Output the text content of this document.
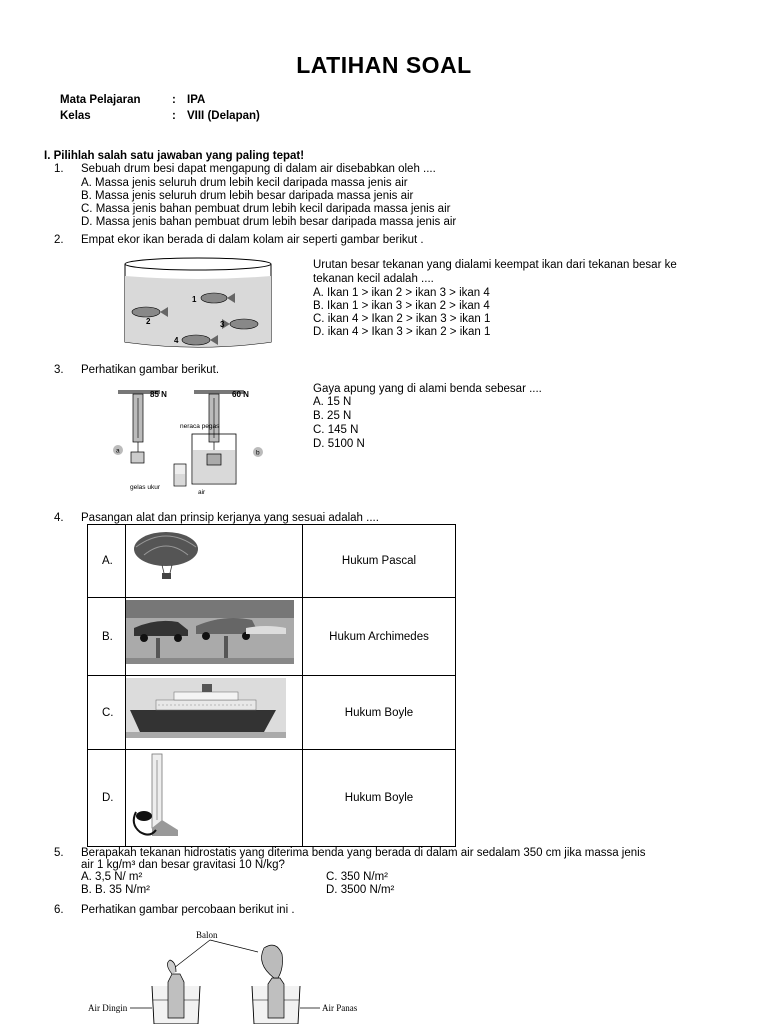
LATIHAN SOAL
Mata Pelajaran	: IPA
Kelas	: VIII (Delapan)
I. Pilihlah salah satu jawaban yang paling tepat!
1. Sebuah drum besi dapat mengapung di dalam air disebabkan oleh ....
A. Massa jenis seluruh drum lebih kecil daripada massa jenis air
B. Massa jenis seluruh drum lebih besar daripada massa jenis air
C. Massa jenis bahan pembuat drum lebih kecil daripada massa jenis air
D. Massa jenis bahan pembuat drum lebih besar daripada massa jenis air
2. Empat ekor ikan berada di dalam kolam air seperti gambar berikut .
1
2	3
4
Urutan besar tekanan yang dialami keempat ikan dari tekanan besar ke
tekanan kecil adalah ....
A. Ikan 1 > ikan 2 > ikan 3 > ikan 4
B. Ikan 1 > ikan 3 > ikan 2 > ikan 4
C. ikan 4 > Ikan 2 > ikan 3 > ikan 1
D. ikan 4 > Ikan 3 > ikan 2 > ikan 1
3. Perhatikan gambar berikut.
85 N	60 N
neraca pegas
a	b
gelas ukur
air
Gaya apung yang di alami benda sebesar ....
A. 15 N
B. 25 N
C. 145 N
D. 5100 N
4. Pasangan alat dan prinsip kerjanya yang sesuai adalah ....
A.		Hukum Pascal
B.		Hukum Archimedes
C.		Hukum Boyle
D.		Hukum Boyle
5. Berapakah tekanan hidrostatis yang diterima benda yang berada di dalam air sedalam 350 cm jika massa jenis
air 1 kg/m³ dan besar gravitasi 10 N/kg?
A. 3,5 N/ m²
B. B. 35 N/m²
C. 350 N/m²
D. 3500 N/m²
6. Perhatikan gambar percobaan berikut ini .
Balon
Air Dingin	Air Panas
